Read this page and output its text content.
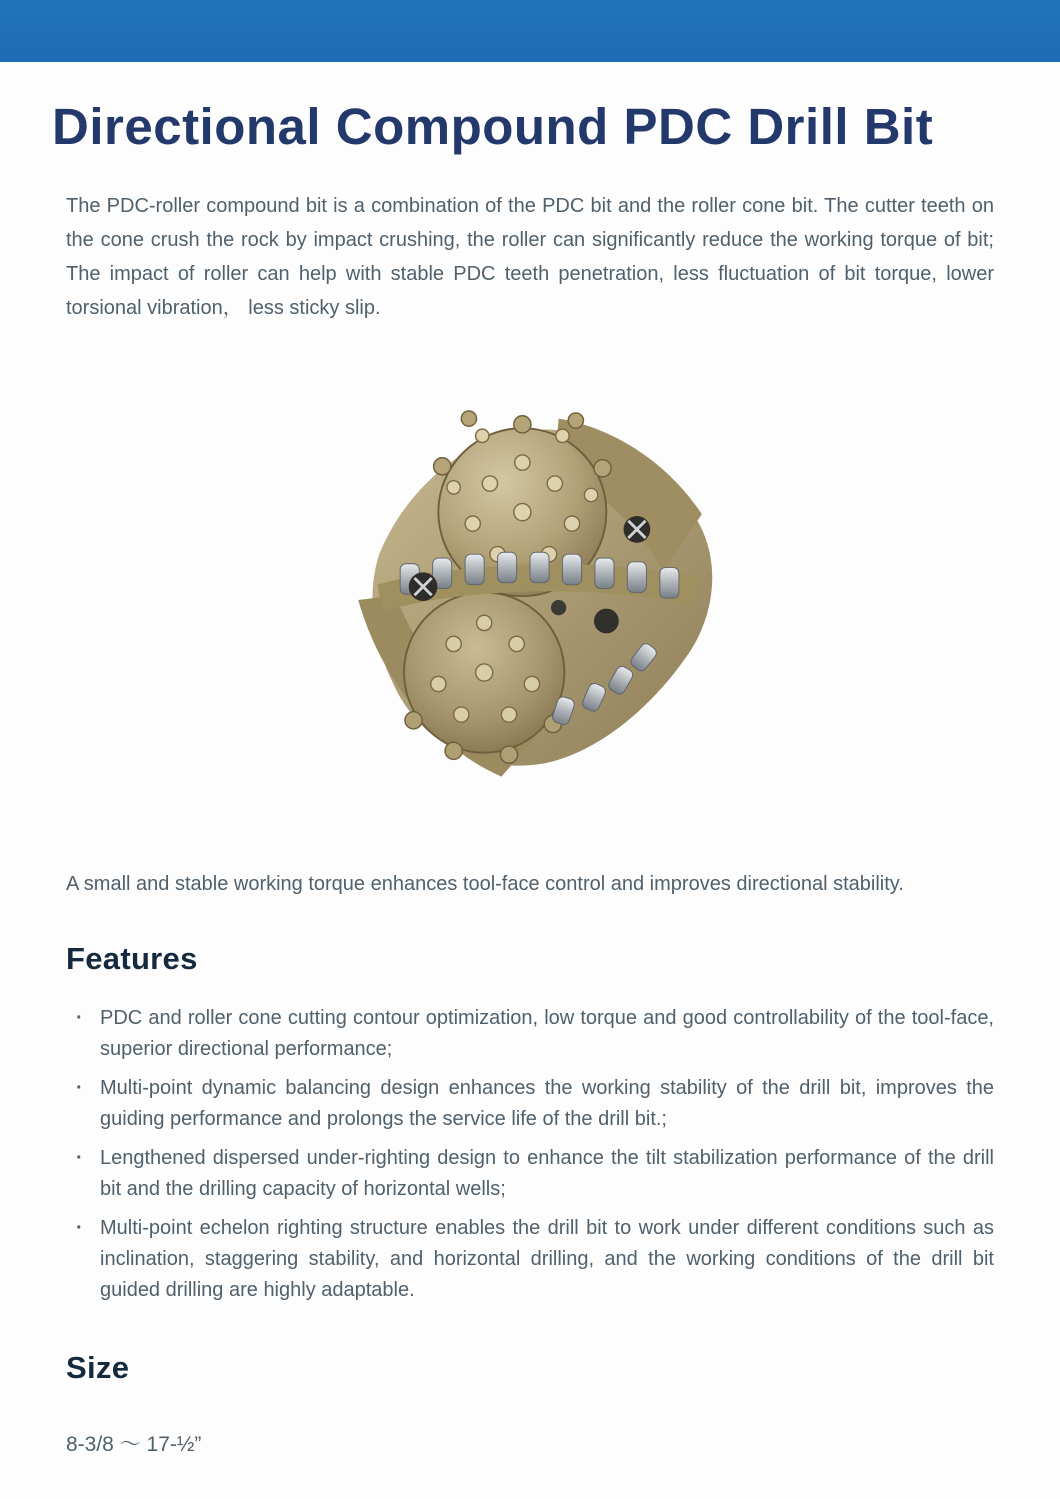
Directional Compound PDC Drill Bit

The PDC-roller compound bit is a combination of the PDC bit and the roller cone bit. The cutter teeth on the cone crush the rock by impact crushing, the roller can significantly reduce the working torque of bit; The impact of roller can help with stable PDC teeth penetration, less fluctuation of bit torque, lower torsional vibration， less sticky slip.

A small and stable working torque enhances tool-face control and improves directional stability.

Features
· PDC and roller cone cutting contour optimization, low torque and good controllability of the tool-face, superior directional performance;
· Multi-point dynamic balancing design enhances the working stability of the drill bit, improves the guiding performance and prolongs the service life of the drill bit.;
· Lengthened dispersed under-righting design to enhance the tilt stabilization performance of the drill bit and the drilling capacity of horizontal wells;
· Multi-point echelon righting structure enables the drill bit to work under different conditions such as inclination, staggering stability, and horizontal drilling, and the working conditions of the drill bit guided drilling are highly adaptable.
Size

8-3/8 ～ 17-½”
